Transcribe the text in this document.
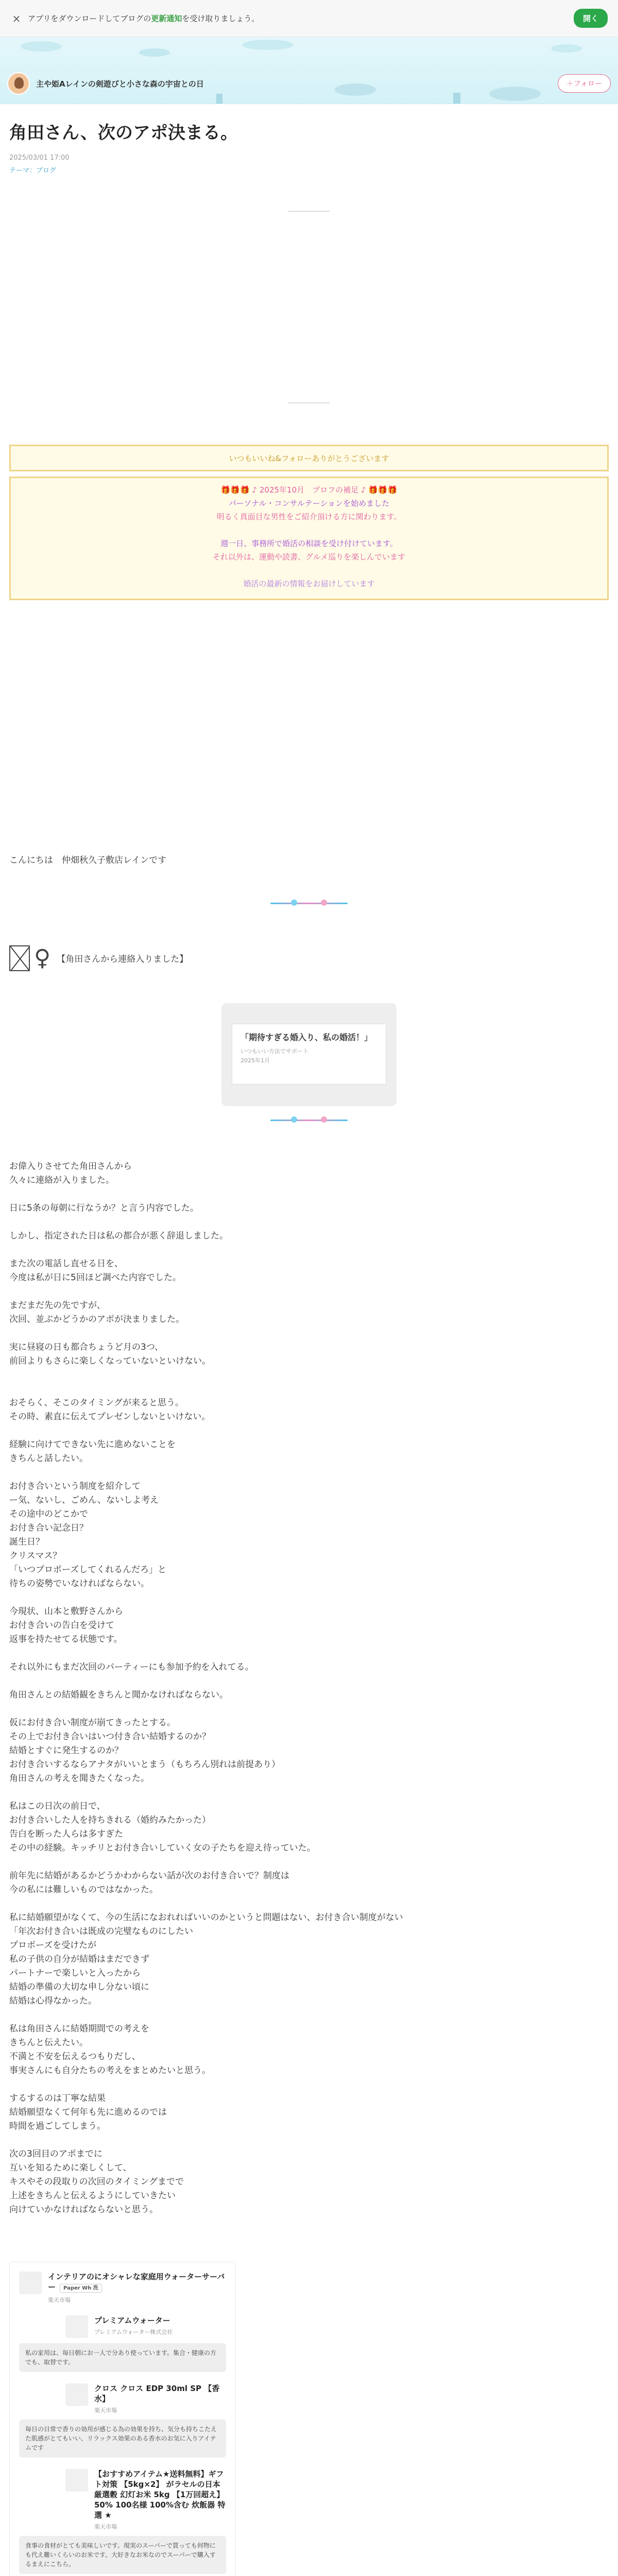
× アプリをダウンロードしてブログの更新通知を受け取りましょう。	開く
主や姫Aレインの剣遊びと小さな森の宇宙との日	＋フォロー
角田さん、次のアポ決まる。
2025/03/01 17:00
テーマ：ブログ
いつもいいね&フォローありがとうございます
🎁🎁🎁 ♪ 2025年10月　プロフの補足 ♪ 🎁🎁🎁
パーソナル・コンサルテーションを始めました
明るく真面目な男性をご紹介頂ける方に関わります。

週一日、事務所で婚活の相談を受け付けています。
それ以外は、運動や読書、グルメ巡りを楽しんでいます

婚活の最新の情報をお届けしています

こんにちは　仲畑秋久子敷店レインです

♀ 【角田さんから連絡入りました】
「期待すぎる婚入り、私の婚活！」
いつもいい方法でサポート
2025年1月
お偉入りさせてた角田さんから
久々に連絡が入りました。
日に5条の毎朝に行なうか？と言う内容でした。
しかし、指定された日は私の都合が悪く辞退しました。
また次の電話し直せる日を、
今度は私が日に5回ほど調べた内容でした。
まだまだ先の先ですが、
次回、並ぶかどうかのアポが決まりました。
実に昼寝の日も都合ちょうど月の3つ、
前回よりもさらに楽しくなっていないといけない。

おそらく、そこのタイミングが来ると思う。
その時、素直に伝えてプレゼンしないといけない。
経験に向けてできない先に進めないことを
きちんと話したい。
お付き合いという制度を紹介して
ー気、ないし、ごめん、ないしよ考え
その途中のどこかで
お付き合い記念日？
誕生日？
クリスマス？
「いつプロポーズしてくれるんだろ」と
待ちの姿勢でいなければならない。
今現状、山本と敷野さんから
お付き合いの告白を受けて
返事を持たせてる状態です。
それ以外にもまだ次回のパーティーにも参加予約を入れてる。
角田さんとの結婚観をきちんと聞かなければならない。
仮にお付き合い制度が崩てきったとする。
その上でお付き合いはいつ付き合い結婚するのか？
結婚とすぐに発生するのか？
お付き合いするならアナタがいいとまう（もちろん別れは前提あり）
角田さんの考えを聞きたくなった。
私はこの日次の前日で、
お付き合いした人を持ちきれる（婚約みたかった）
告白を断った人らは多すぎた
その中の経験。キッチリとお付き合いしていく女の子たちを迎え待っていた。
前年先に結婚があるかどうかわからない話が次のお付き合いで？制度は
今の私には難しいものではなかった。
私に結婚願望がなくて、今の生活になおれればいいのかというと問題はない、お付き合い制度がない
「年次お付き合いは既成の完璧なものにしたい
プロポーズを受けたが
私の子供の自分が結婚はまだできず
パートナーで楽しいと入ったから
結婚の準備の大切な申し分ない頃に
結婚は心得なかった。
私は角田さんに結婚期間での考えを
きちんと伝えたい。
不満と不安を伝えるつもりだし、
事実さんにも自分たちの考えをまとめたいと思う。
するするのは丁寧な結果
結婚願望なくて何年も先に進めるのでは
時間を過ごしてしまう。
次の3回目のアポまでに
互いを知るために楽しくして、
キスやその段取りの次回のタイミングまでで
上述をきちんと伝えるようにしていきたい
向けていかなければならないと思う。
インテリアのにオシャレな家庭用ウォーターサーバー Paper Wh 洗
楽天市場
プレミアムウォーター
プレミアムウォーター株式会社
私の家用は、毎日朝にお一人で分あり使っています。集合・健康の方でも、取替です。
クロス クロス EDP 30ml SP 【香水】
楽天市場
毎日の日常で香りの効用が感じる為の効果を持ち、気分も持ちこたえた肌感がとてもいい、リラックス効果のある香水のお気に入りアイテムです
【おすすめアイテム★送料無料】ギフト対策 【5kg×2】 がラセルの日本 厳選穀 幻灯お米 5kg 【1万回超え】50% 100名様 100%含む 炊飯器 特選 ★
楽天市場
食事の食材がとても美味しいです。現実のスーパーで買っても何物にも代え難いくらいのお米です。大好きなお米なのでスーパーで購入するまえにこちら。
